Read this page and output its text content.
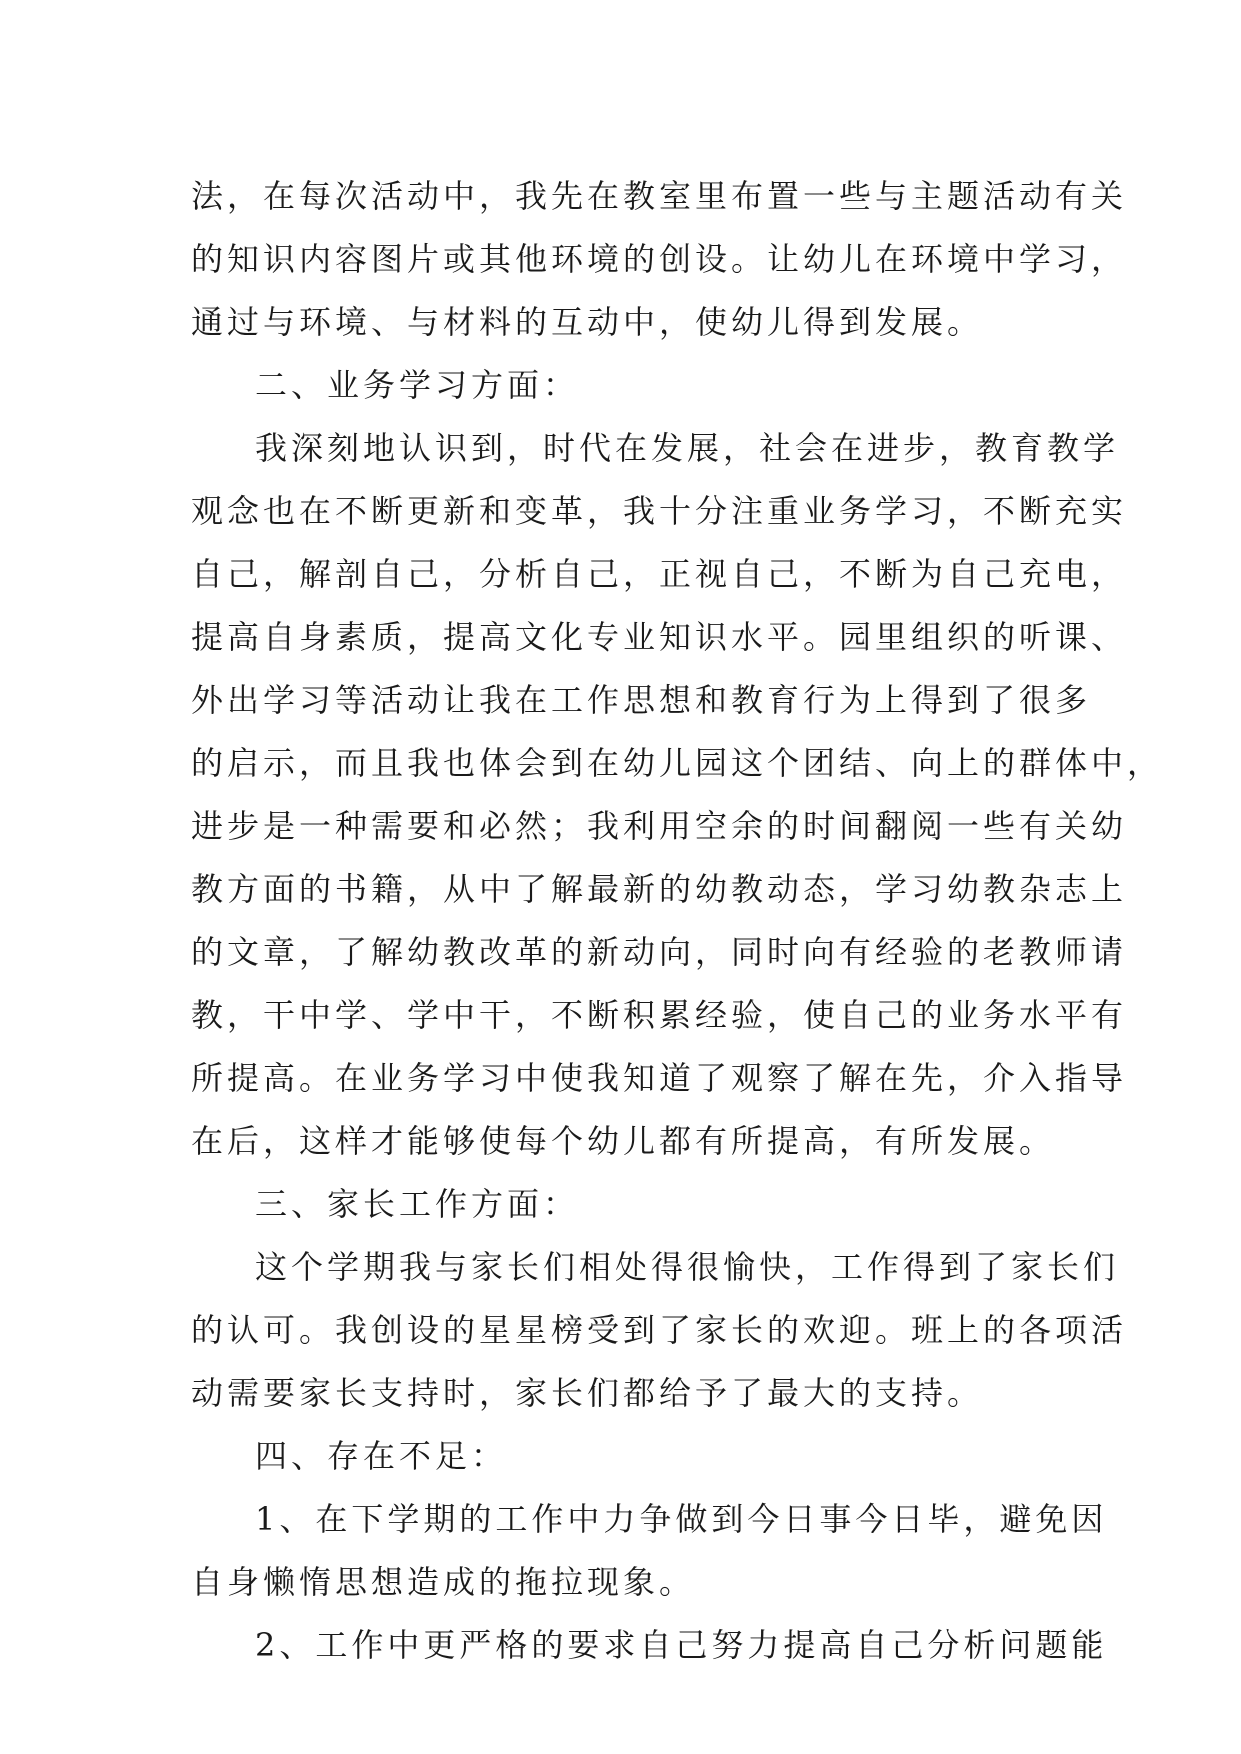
法，在每次活动中，我先在教室里布置一些与主题活动有关
的知识内容图片或其他环境的创设。让幼儿在环境中学习，
通过与环境、与材料的互动中，使幼儿得到发展。
二、业务学习方面：
我深刻地认识到，时代在发展，社会在进步，教育教学
观念也在不断更新和变革，我十分注重业务学习，不断充实
自己，解剖自己，分析自己，正视自己，不断为自己充电，
提高自身素质，提高文化专业知识水平。园里组织的听课、
外出学习等活动让我在工作思想和教育行为上得到了很多
的启示，而且我也体会到在幼儿园这个团结、向上的群体中，
进步是一种需要和必然；我利用空余的时间翻阅一些有关幼
教方面的书籍，从中了解最新的幼教动态，学习幼教杂志上
的文章，了解幼教改革的新动向，同时向有经验的老教师请
教，干中学、学中干，不断积累经验，使自己的业务水平有
所提高。在业务学习中使我知道了观察了解在先，介入指导
在后，这样才能够使每个幼儿都有所提高，有所发展。
三、家长工作方面：
这个学期我与家长们相处得很愉快，工作得到了家长们
的认可。我创设的星星榜受到了家长的欢迎。班上的各项活
动需要家长支持时，家长们都给予了最大的支持。
四、存在不足：
1、在下学期的工作中力争做到今日事今日毕，避免因
自身懒惰思想造成的拖拉现象。
2、工作中更严格的要求自己努力提高自己分析问题能
